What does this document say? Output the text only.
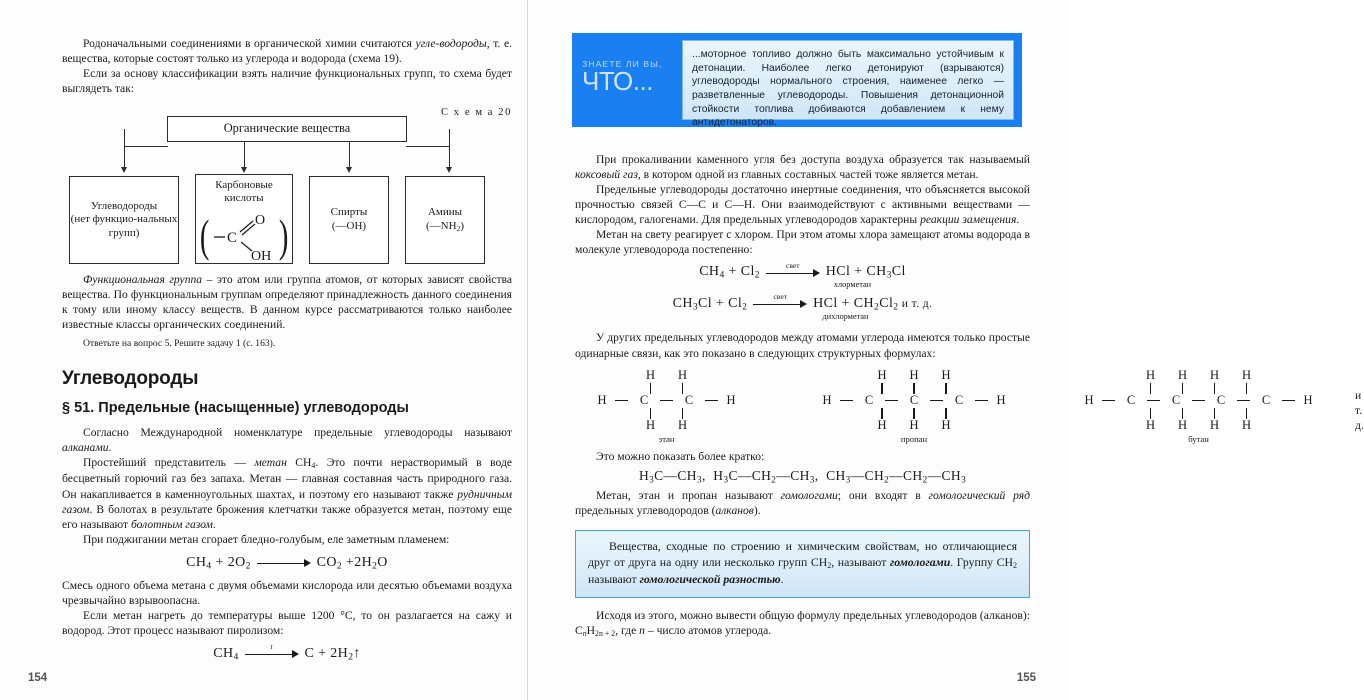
Родоначальными соединениями в органической химии считаются угле-водороды, т. е. вещества, которые состоят только из углерода и водорода (схема 19).

Если за основу классификации взять наличие функциональных групп, то схема будет выглядеть так:

С х е м а 20
Органические вещества
Углеводороды
(нет функцио-нальных групп)
Карбоновые
кислоты
( C
O
OH )	Спирты
(—OH)
Амины
$(—NH_2)$

Функциональная группа – это атом или группа атомов, от которых зависят свойства вещества. По функциональным группам определяют принадлежность данного соединения к тому или иному классу веществ. В данном курсе рассматриваются только наиболее известные классы органических соединений.

Ответьте на вопрос 5. Решите задачу 1 (с. 163).

Углеводороды
§ 51. Предельные (насыщенные) углеводороды

Согласно Международной номенклатуре предельные углеводороды называют алканами.

Простейший представитель — метан $CH_4$. Это почти нерастворимый в воде бесцветный горючий газ без запаха. Метан — главная составная часть природного газа. Он накапливается в каменноугольных шахтах, и поэтому его называют также рудничным газом. В болотах в результате брожения клетчатки также образуется метан, поэтому еще его называют болотным газом.

При поджигании метан сгорает бледно-голубым, еле заметным пламенем:

$CH_4 + 2O_2$	$CO_2 +2H_2O$

Смесь одного объема метана с двумя объемами кислорода или десятью объемами воздуха чрезвычайно взрывоопасна.

Если метан нагреть до температуры выше 1200 °C, то он разлагается на сажу и водород. Этот процесс называют пиролизом:

$CH_4$
t	$C + 2H_2↑$
154
ЗНАЕТЕ ЛИ ВЫ,
ЧТО...
...моторное топливо должно быть максимально устойчивым к детонации. Наиболее легко детонируют (взрываются) углеводороды нормального строения, наименее легко — разветвленные углеводороды. Повышения детонационной стойкости топлива добиваются добавлением к нему антидетонаторов.

При прокаливании каменного угля без доступа воздуха образуется так называемый коксовый газ, в котором одной из главных составных частей тоже является метан.

Предельные углеводороды достаточно инертные соединения, что объясняется высокой прочностью связей C—C и C—H. Они взаимодействуют с активными веществами — кислородом, галогенами. Для предельных углеводородов характерны реакции замещения.

Метан на свету реагирует с хлором. При этом атомы хлора замещают атомы водорода в молекуле углеводорода постепенно:

$CH_4 + Cl_2$
свет	HCl + $CH_3Cl$
хлорметан
$CH_3Cl + Cl_2$
свет	HCl + $CH_2Cl_2$ и т. д.
дихлорметан

У других предельных углеводородов между атомами углерода имеются только простые одинарные связи, как это показано в следующих структурных формулах:

H	H
H	C	C	H
H	H
этан
H	H	H
H	C	C	C	H
H	H	H
пропан
H	H	H	H
H	C	C	C	C	H
H	H	H	H
бутан
и т. д.

Это можно показать более кратко:

$H_3C—CH_3$,  $H_3C—CH_2—CH_3$,  $CH_3—CH_2—CH_2—CH_3$

Метан, этан и пропан называют гомологами; они входят в гомологический ряд предельных углеводородов (алканов).

Вещества, сходные по строению и химическим свойствам, но отличающиеся друг от друга на одну или несколько групп $CH_2$, называют гомологами. Группу $CH_2$ называют гомологической разностью.

Исходя из этого, можно вывести общую формулу предельных углеводородов (алканов): $C_nH_{2n + 2}$, где n – число атомов углерода.

155
